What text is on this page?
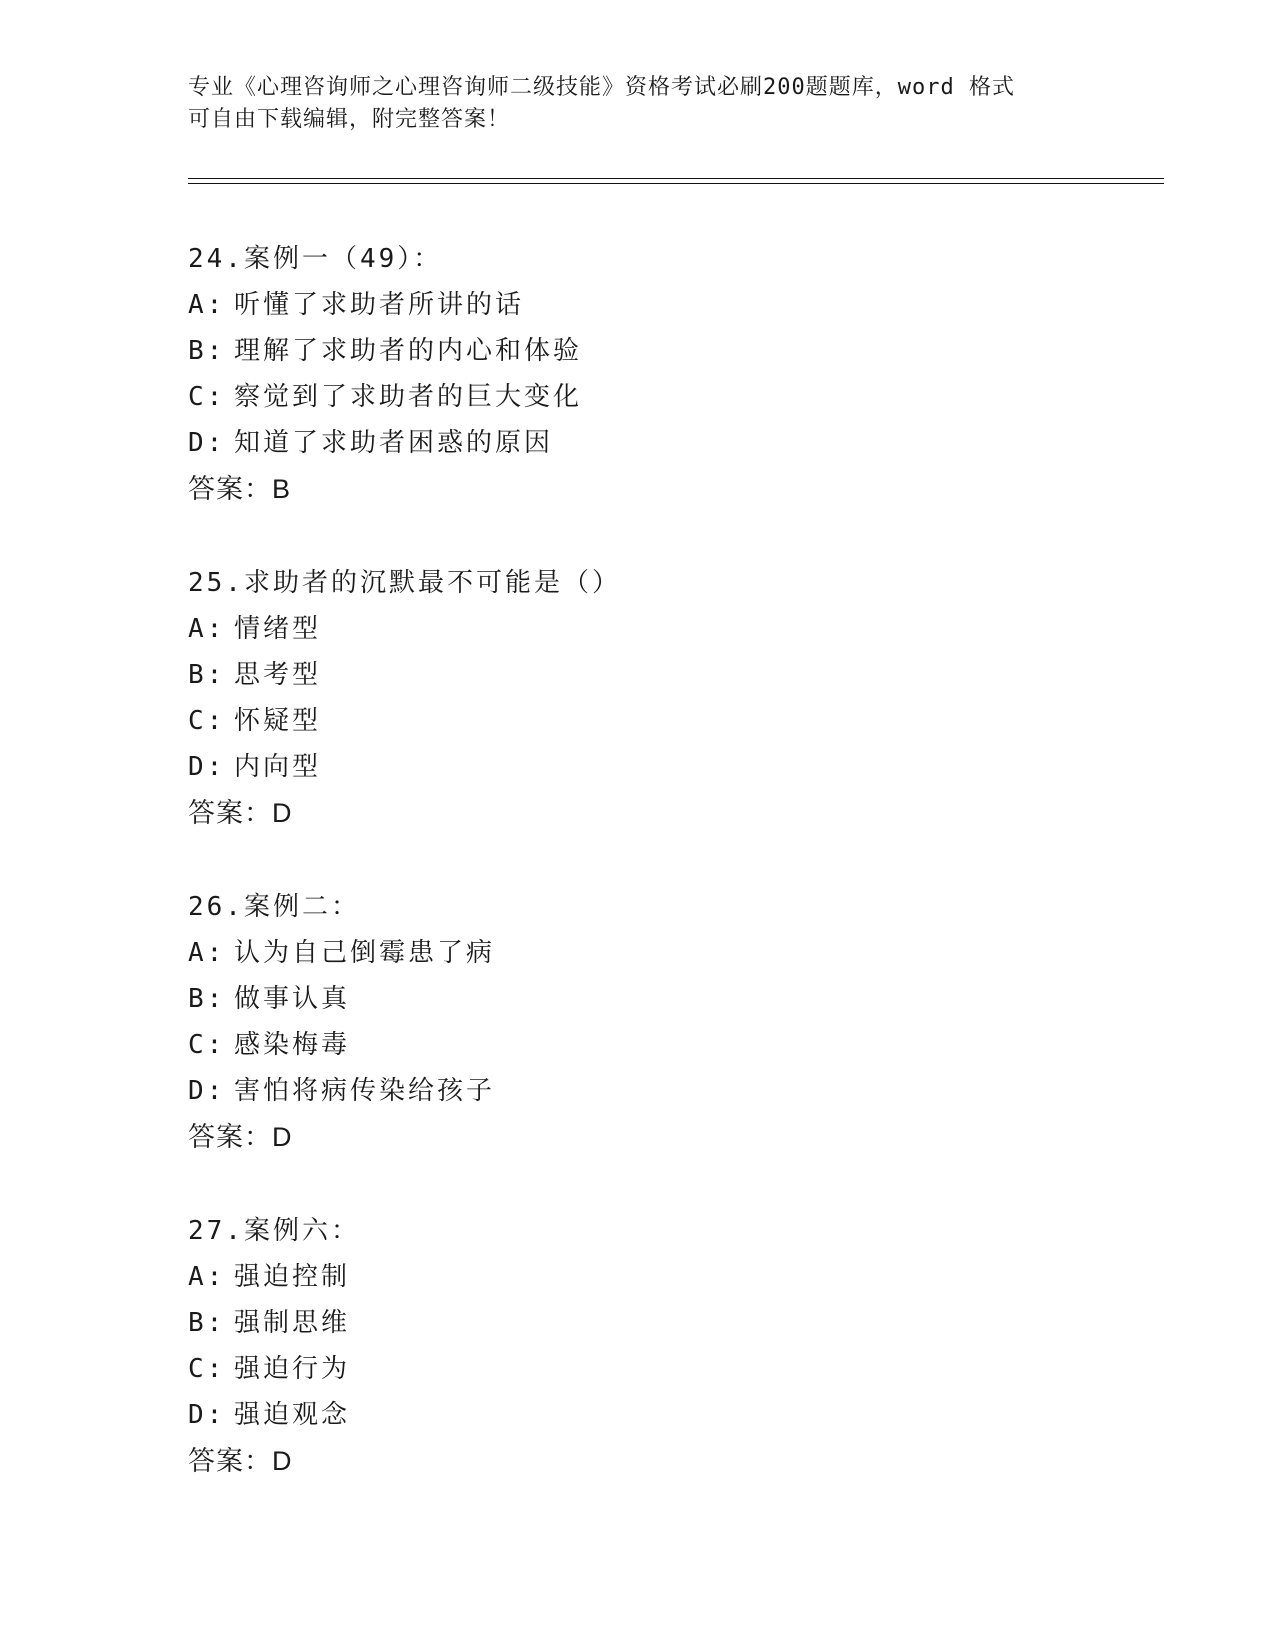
专业《心理咨询师之心理咨询师二级技能》资格考试必刷200题题库，word 格式
可自由下载编辑，附完整答案！
24.案例一（49）：
A: 听懂了求助者所讲的话
B: 理解了求助者的内心和体验
C: 察觉到了求助者的巨大变化
D: 知道了求助者困惑的原因
答案：B
25.求助者的沉默最不可能是（）
A: 情绪型
B: 思考型
C: 怀疑型
D: 内向型
答案：D
26.案例二：
A: 认为自己倒霉患了病
B: 做事认真
C: 感染梅毒
D: 害怕将病传染给孩子
答案：D
27.案例六：
A: 强迫控制
B: 强制思维
C: 强迫行为
D: 强迫观念
答案：D
